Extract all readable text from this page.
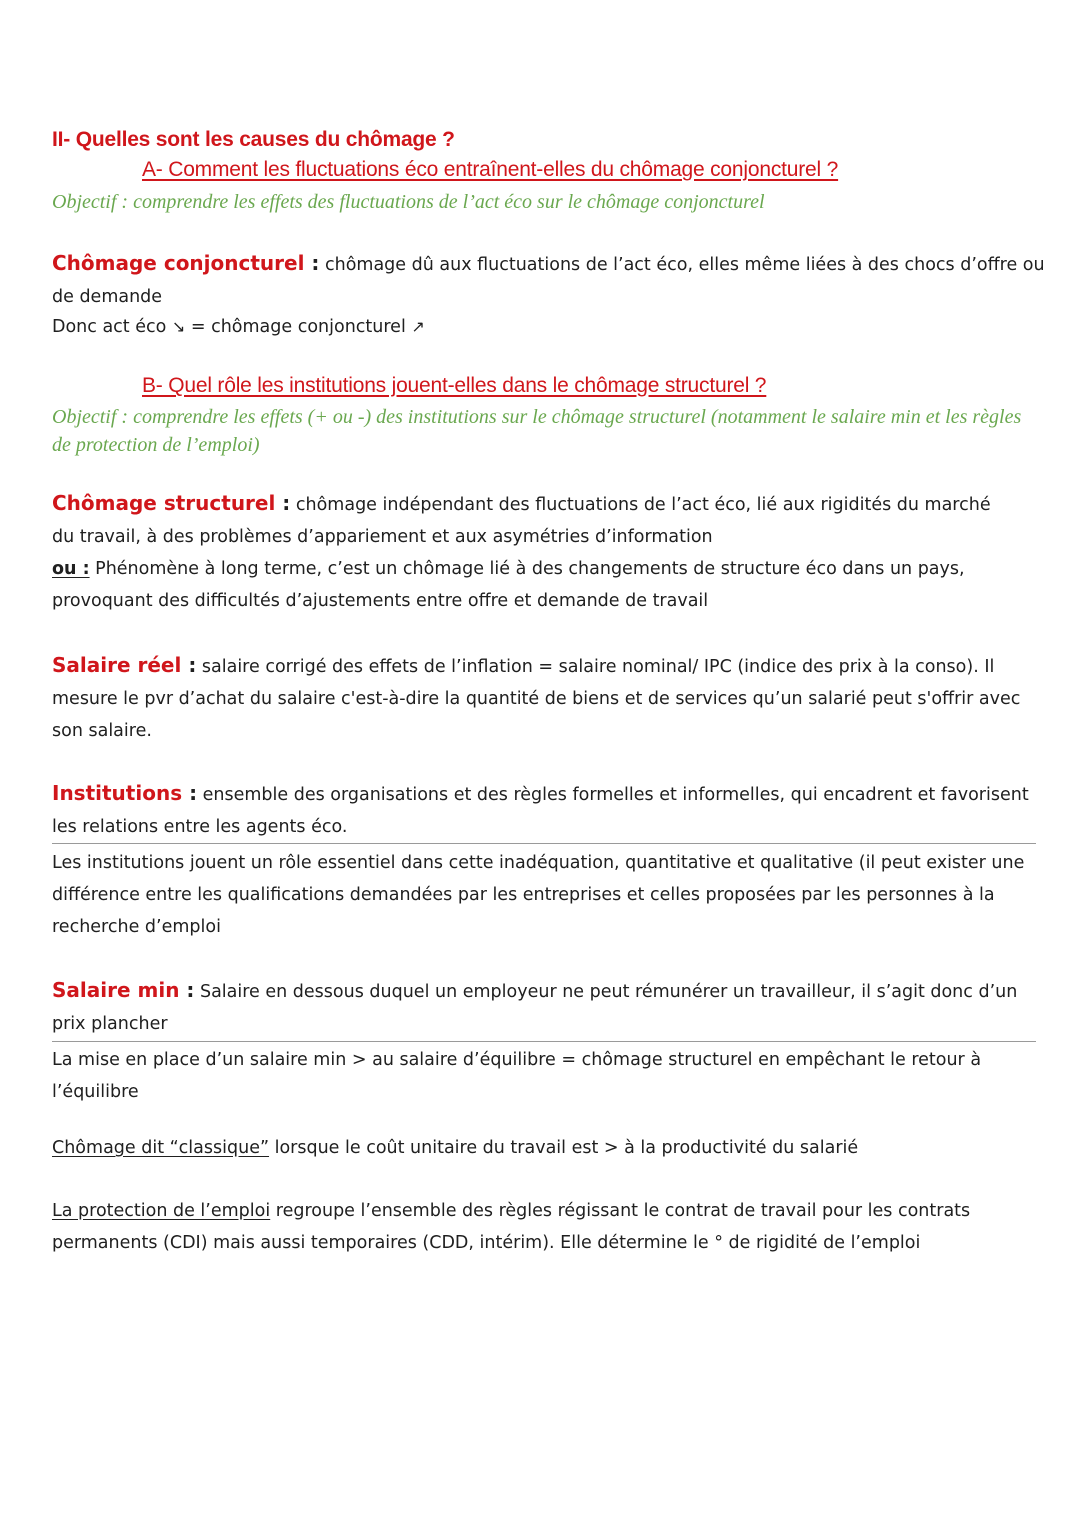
II- Quelles sont les causes du chômage ?
A- Comment les fluctuations éco entraînent-elles du chômage conjoncturel ?
Objectif : comprendre les effets des fluctuations de l’act éco sur le chômage conjoncturel
Chômage conjoncturel : chômage dû aux fluctuations de l’act éco, elles même liées à des chocs d’offre ou de demande
Donc act éco ↘ = chômage conjoncturel ↗
B- Quel rôle les institutions jouent-elles dans le chômage structurel ?
Objectif : comprendre les effets (+ ou -) des institutions sur le chômage structurel (notamment le salaire min et les règles de protection de l’emploi)
Chômage structurel : chômage indépendant des fluctuations de l’act éco, lié aux rigidités du marché du travail, à des problèmes d’appariement et aux asymétries d’information
ou : Phénomène à long terme, c’est un chômage lié à des changements de structure éco dans un pays, provoquant des difficultés d’ajustements entre offre et demande de travail
Salaire réel : salaire corrigé des effets de l’inflation = salaire nominal/ IPC (indice des prix à la conso). Il mesure le pvr d’achat du salaire c'est-à-dire la quantité de biens et de services qu’un salarié peut s'offrir avec son salaire.
Institutions : ensemble des organisations et des règles formelles et informelles, qui encadrent et favorisent les relations entre les agents éco.
Les institutions jouent un rôle essentiel dans cette inadéquation, quantitative et qualitative (il peut exister une différence entre les qualifications demandées par les entreprises et celles proposées par les personnes à la recherche d’emploi
Salaire min : Salaire en dessous duquel un employeur ne peut rémunérer un travailleur, il s’agit donc d’un prix plancher
La mise en place d’un salaire min > au salaire d’équilibre = chômage structurel en empêchant le retour à l’équilibre
Chômage dit “classique” lorsque le coût unitaire du travail est > à la productivité du salarié
La protection de l’emploi regroupe l’ensemble des règles régissant le contrat de travail pour les contrats permanents (CDI) mais aussi temporaires (CDD, intérim). Elle détermine le ° de rigidité de l’emploi
